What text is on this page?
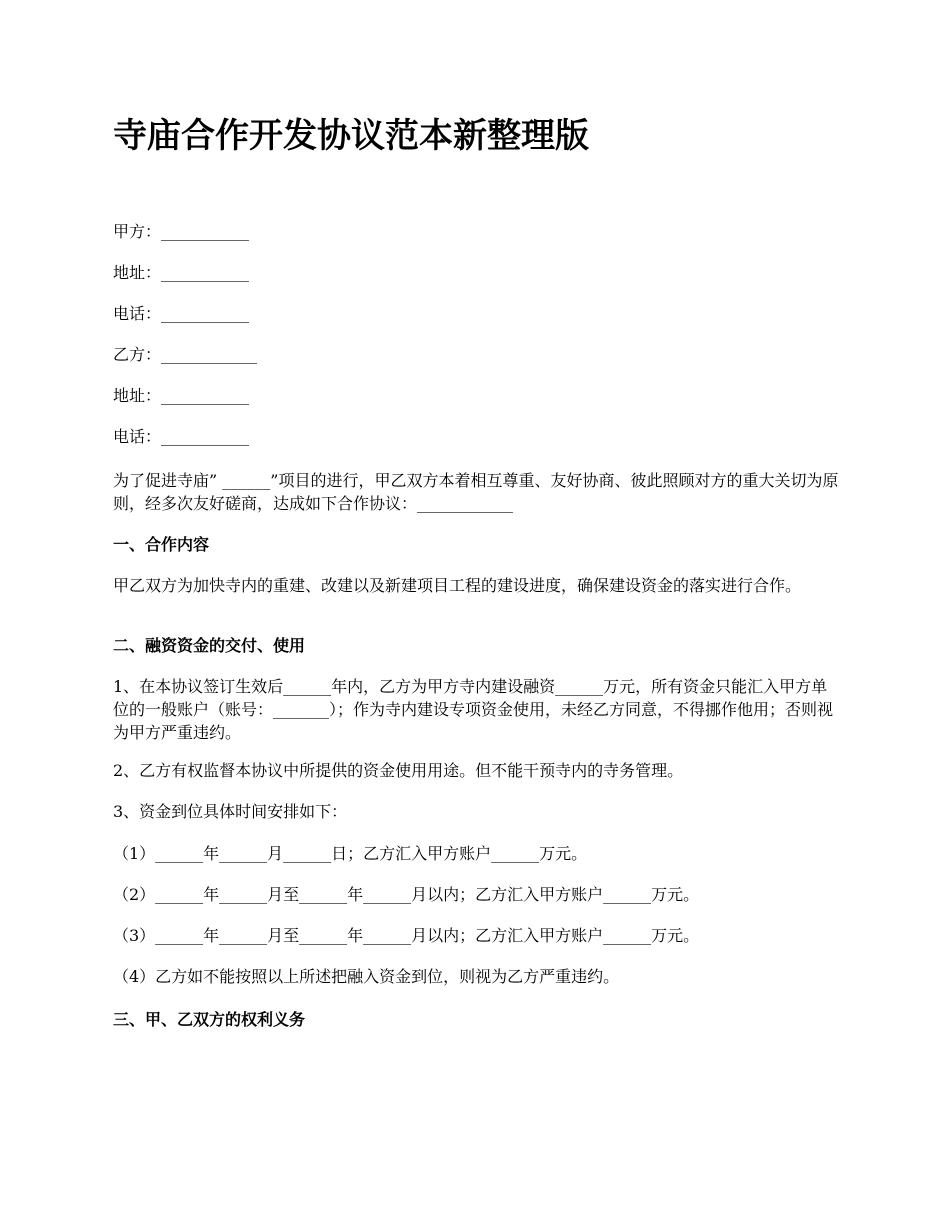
寺庙合作开发协议范本新整理版

甲方：___________

地址：___________

电话：___________

乙方：____________

地址：___________

电话：___________

为了促进寺庙” ______”项目的进行，甲乙双方本着相互尊重、友好协商、彼此照顾对方的重大关切为原则，经多次友好磋商，达成如下合作协议：____________

一、合作内容

甲乙双方为加快寺内的重建、改建以及新建项目工程的建设进度，确保建设资金的落实进行合作。

二、融资资金的交付、使用

1、在本协议签订生效后______年内，乙方为甲方寺内建设融资______万元，所有资金只能汇入甲方单位的一般账户（账号：_______）；作为寺内建设专项资金使用，未经乙方同意，不得挪作他用；否则视为甲方严重违约。

2、乙方有权监督本协议中所提供的资金使用用途。但不能干预寺内的寺务管理。

3、资金到位具体时间安排如下：

（1）______年______月______日；乙方汇入甲方账户______万元。

（2）______年______月至______年______月以内；乙方汇入甲方账户______万元。

（3）______年______月至______年______月以内；乙方汇入甲方账户______万元。

（4）乙方如不能按照以上所述把融入资金到位，则视为乙方严重违约。

三、甲、乙双方的权利义务
